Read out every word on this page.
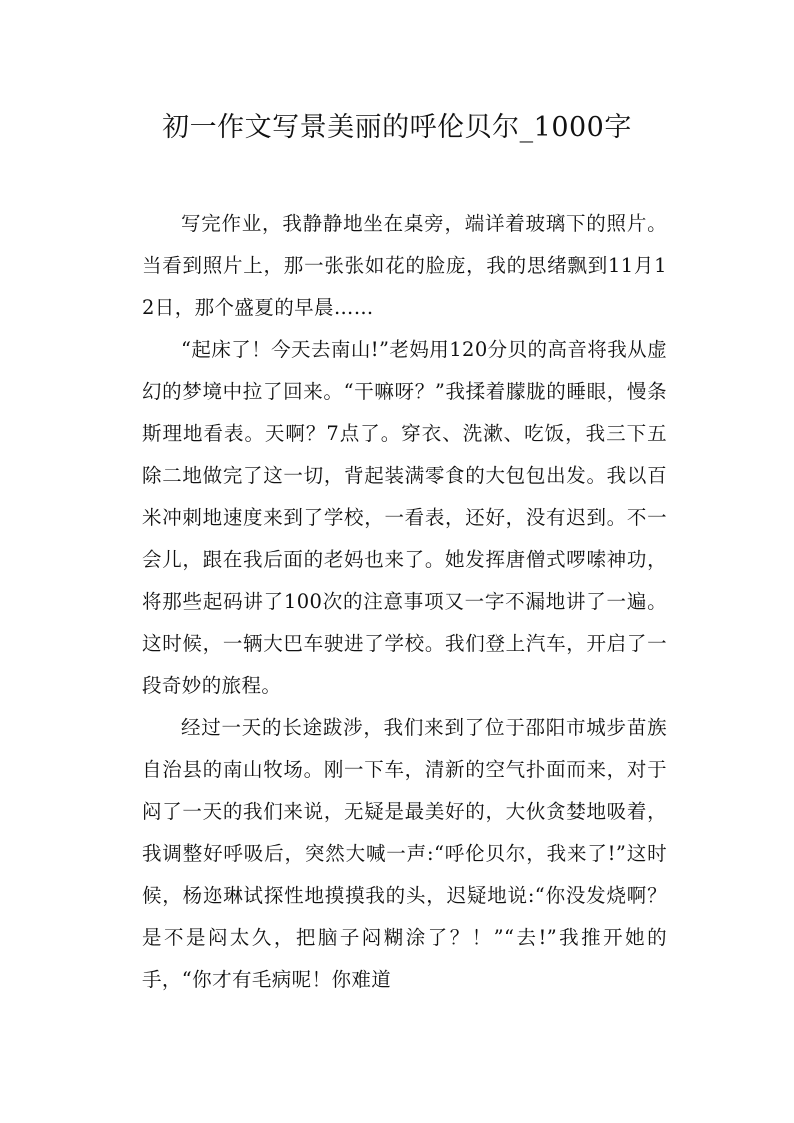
初一作文写景美丽的呼伦贝尔_1000字

写完作业，我静静地坐在桌旁，端详着玻璃下的照片。当看到照片上，那一张张如花的脸庞，我的思绪飘到11月12日，那个盛夏的早晨……

“起床了！今天去南山!”老妈用120分贝的高音将我从虚幻的梦境中拉了回来。“干嘛呀？”我揉着朦胧的睡眼，慢条斯理地看表。天啊？7点了。穿衣、洗漱、吃饭，我三下五除二地做完了这一切，背起装满零食的大包包出发。我以百米冲刺地速度来到了学校，一看表，还好，没有迟到。不一会儿，跟在我后面的老妈也来了。她发挥唐僧式啰嗦神功，将那些起码讲了100次的注意事项又一字不漏地讲了一遍。这时候，一辆大巴车驶进了学校。我们登上汽车，开启了一段奇妙的旅程。

经过一天的长途跋涉，我们来到了位于邵阳市城步苗族自治县的南山牧场。刚一下车，清新的空气扑面而来，对于闷了一天的我们来说，无疑是最美好的，大伙贪婪地吸着，我调整好呼吸后，突然大喊一声:“呼伦贝尔，我来了!”这时候，杨迩琳试探性地摸摸我的头，迟疑地说:“你没发烧啊？是不是闷太久，把脑子闷糊涂了？！”“去!”我推开她的手，“你才有毛病呢！你难道
